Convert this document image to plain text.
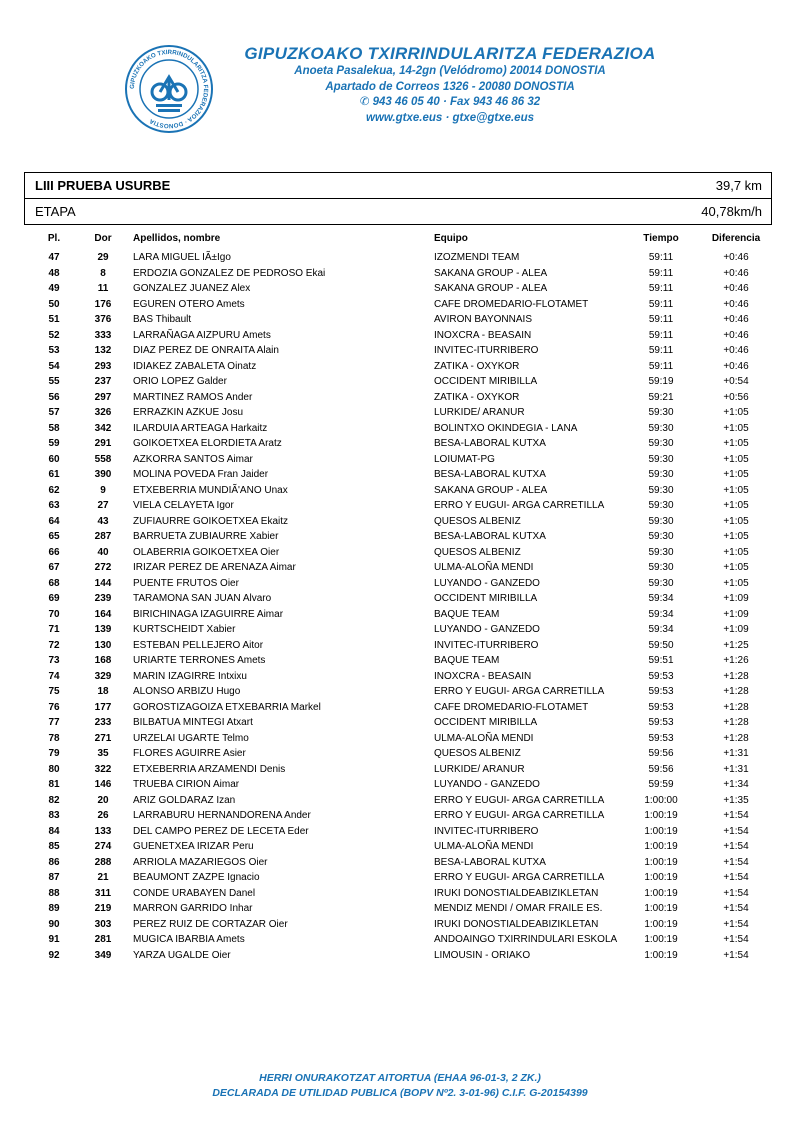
GIPUZKOAKO TXIRRINDULARITZA FEDERAZIOA · DONOSTIA
GIPUZKOAKO TXIRRINDULARITZA FEDERAZIOA
Anoeta Pasalekua, 14-2gn (Velódromo) 20014 DONOSTIA
Apartado de Correos 1326 - 20080 DONOSTIA
✆ 943 46 05 40 · Fax 943 46 86 32
www.gtxe.eus · gtxe@gtxe.eus
LIII PRUEBA USURBE	39,7 km
ETAPA	40,78km/h
Pl.	Dor	Apellidos, nombre	Equipo	Tiempo	Diferencia
47	29	LARA MIGUEL IÃ±Igo	IZOZMENDI TEAM	59:11	+0:46
48	8	ERDOZIA GONZALEZ DE PEDROSO Ekai	SAKANA GROUP - ALEA	59:11	+0:46
49	11	GONZALEZ JUANEZ Alex	SAKANA GROUP - ALEA	59:11	+0:46
50	176	EGUREN OTERO Amets	CAFE DROMEDARIO-FLOTAMET	59:11	+0:46
51	376	BAS Thibault	AVIRON BAYONNAIS	59:11	+0:46
52	333	LARRAÑAGA AIZPURU Amets	INOXCRA - BEASAIN	59:11	+0:46
53	132	DIAZ PEREZ DE ONRAITA Alain	INVITEC-ITURRIBERO	59:11	+0:46
54	293	IDIAKEZ ZABALETA Oinatz	ZATIKA - OXYKOR	59:11	+0:46
55	237	ORIO LOPEZ Galder	OCCIDENT MIRIBILLA	59:19	+0:54
56	297	MARTINEZ RAMOS Ander	ZATIKA - OXYKOR	59:21	+0:56
57	326	ERRAZKIN AZKUE Josu	LURKIDE/ ARANUR	59:30	+1:05
58	342	ILARDUIA ARTEAGA Harkaitz	BOLINTXO OKINDEGIA - LANA	59:30	+1:05
59	291	GOIKOETXEA ELORDIETA Aratz	BESA-LABORAL KUTXA	59:30	+1:05
60	558	AZKORRA SANTOS Aimar	LOIUMAT-PG	59:30	+1:05
61	390	MOLINA POVEDA Fran Jaider	BESA-LABORAL KUTXA	59:30	+1:05
62	9	ETXEBERRIA MUNDIÃ'ANO Unax	SAKANA GROUP - ALEA	59:30	+1:05
63	27	VIELA CELAYETA Igor	ERRO Y EUGUI- ARGA CARRETILLA	59:30	+1:05
64	43	ZUFIAURRE GOIKOETXEA Ekaitz	QUESOS ALBENIZ	59:30	+1:05
65	287	BARRUETA ZUBIAURRE Xabier	BESA-LABORAL KUTXA	59:30	+1:05
66	40	OLABERRIA GOIKOETXEA Oier	QUESOS ALBENIZ	59:30	+1:05
67	272	IRIZAR PEREZ DE ARENAZA Aimar	ULMA-ALOÑA MENDI	59:30	+1:05
68	144	PUENTE FRUTOS Oier	LUYANDO - GANZEDO	59:30	+1:05
69	239	TARAMONA SAN JUAN Alvaro	OCCIDENT MIRIBILLA	59:34	+1:09
70	164	BIRICHINAGA IZAGUIRRE Aimar	BAQUE TEAM	59:34	+1:09
71	139	KURTSCHEIDT Xabier	LUYANDO - GANZEDO	59:34	+1:09
72	130	ESTEBAN PELLEJERO Aitor	INVITEC-ITURRIBERO	59:50	+1:25
73	168	URIARTE TERRONES Amets	BAQUE TEAM	59:51	+1:26
74	329	MARIN IZAGIRRE Intxixu	INOXCRA - BEASAIN	59:53	+1:28
75	18	ALONSO ARBIZU Hugo	ERRO Y EUGUI- ARGA CARRETILLA	59:53	+1:28
76	177	GOROSTIZAGOIZA ETXEBARRIA Markel	CAFE DROMEDARIO-FLOTAMET	59:53	+1:28
77	233	BILBATUA MINTEGI Atxart	OCCIDENT MIRIBILLA	59:53	+1:28
78	271	URZELAI UGARTE Telmo	ULMA-ALOÑA MENDI	59:53	+1:28
79	35	FLORES AGUIRRE Asier	QUESOS ALBENIZ	59:56	+1:31
80	322	ETXEBERRIA ARZAMENDI Denis	LURKIDE/ ARANUR	59:56	+1:31
81	146	TRUEBA CIRION Aimar	LUYANDO - GANZEDO	59:59	+1:34
82	20	ARIZ GOLDARAZ Izan	ERRO Y EUGUI- ARGA CARRETILLA	1:00:00	+1:35
83	26	LARRABURU HERNANDORENA Ander	ERRO Y EUGUI- ARGA CARRETILLA	1:00:19	+1:54
84	133	DEL CAMPO PEREZ DE LECETA Eder	INVITEC-ITURRIBERO	1:00:19	+1:54
85	274	GUENETXEA IRIZAR Peru	ULMA-ALOÑA MENDI	1:00:19	+1:54
86	288	ARRIOLA MAZARIEGOS Oier	BESA-LABORAL KUTXA	1:00:19	+1:54
87	21	BEAUMONT ZAZPE Ignacio	ERRO Y EUGUI- ARGA CARRETILLA	1:00:19	+1:54
88	311	CONDE URABAYEN Danel	IRUKI DONOSTIALDEABIZIKLETAN	1:00:19	+1:54
89	219	MARRON GARRIDO Inhar	MENDIZ MENDI / OMAR FRAILE ES.	1:00:19	+1:54
90	303	PEREZ RUIZ DE CORTAZAR Oier	IRUKI DONOSTIALDEABIZIKLETAN	1:00:19	+1:54
91	281	MUGICA IBARBIA Amets	ANDOAINGO TXIRRINDULARI ESKOLA	1:00:19	+1:54
92	349	YARZA UGALDE Oier	LIMOUSIN - ORIAKO	1:00:19	+1:54
HERRI ONURAKOTZAT AITORTUA (EHAA 96-01-3, 2 ZK.)
DECLARADA DE UTILIDAD PUBLICA (BOPV Nº2. 3-01-96) C.I.F. G-20154399
